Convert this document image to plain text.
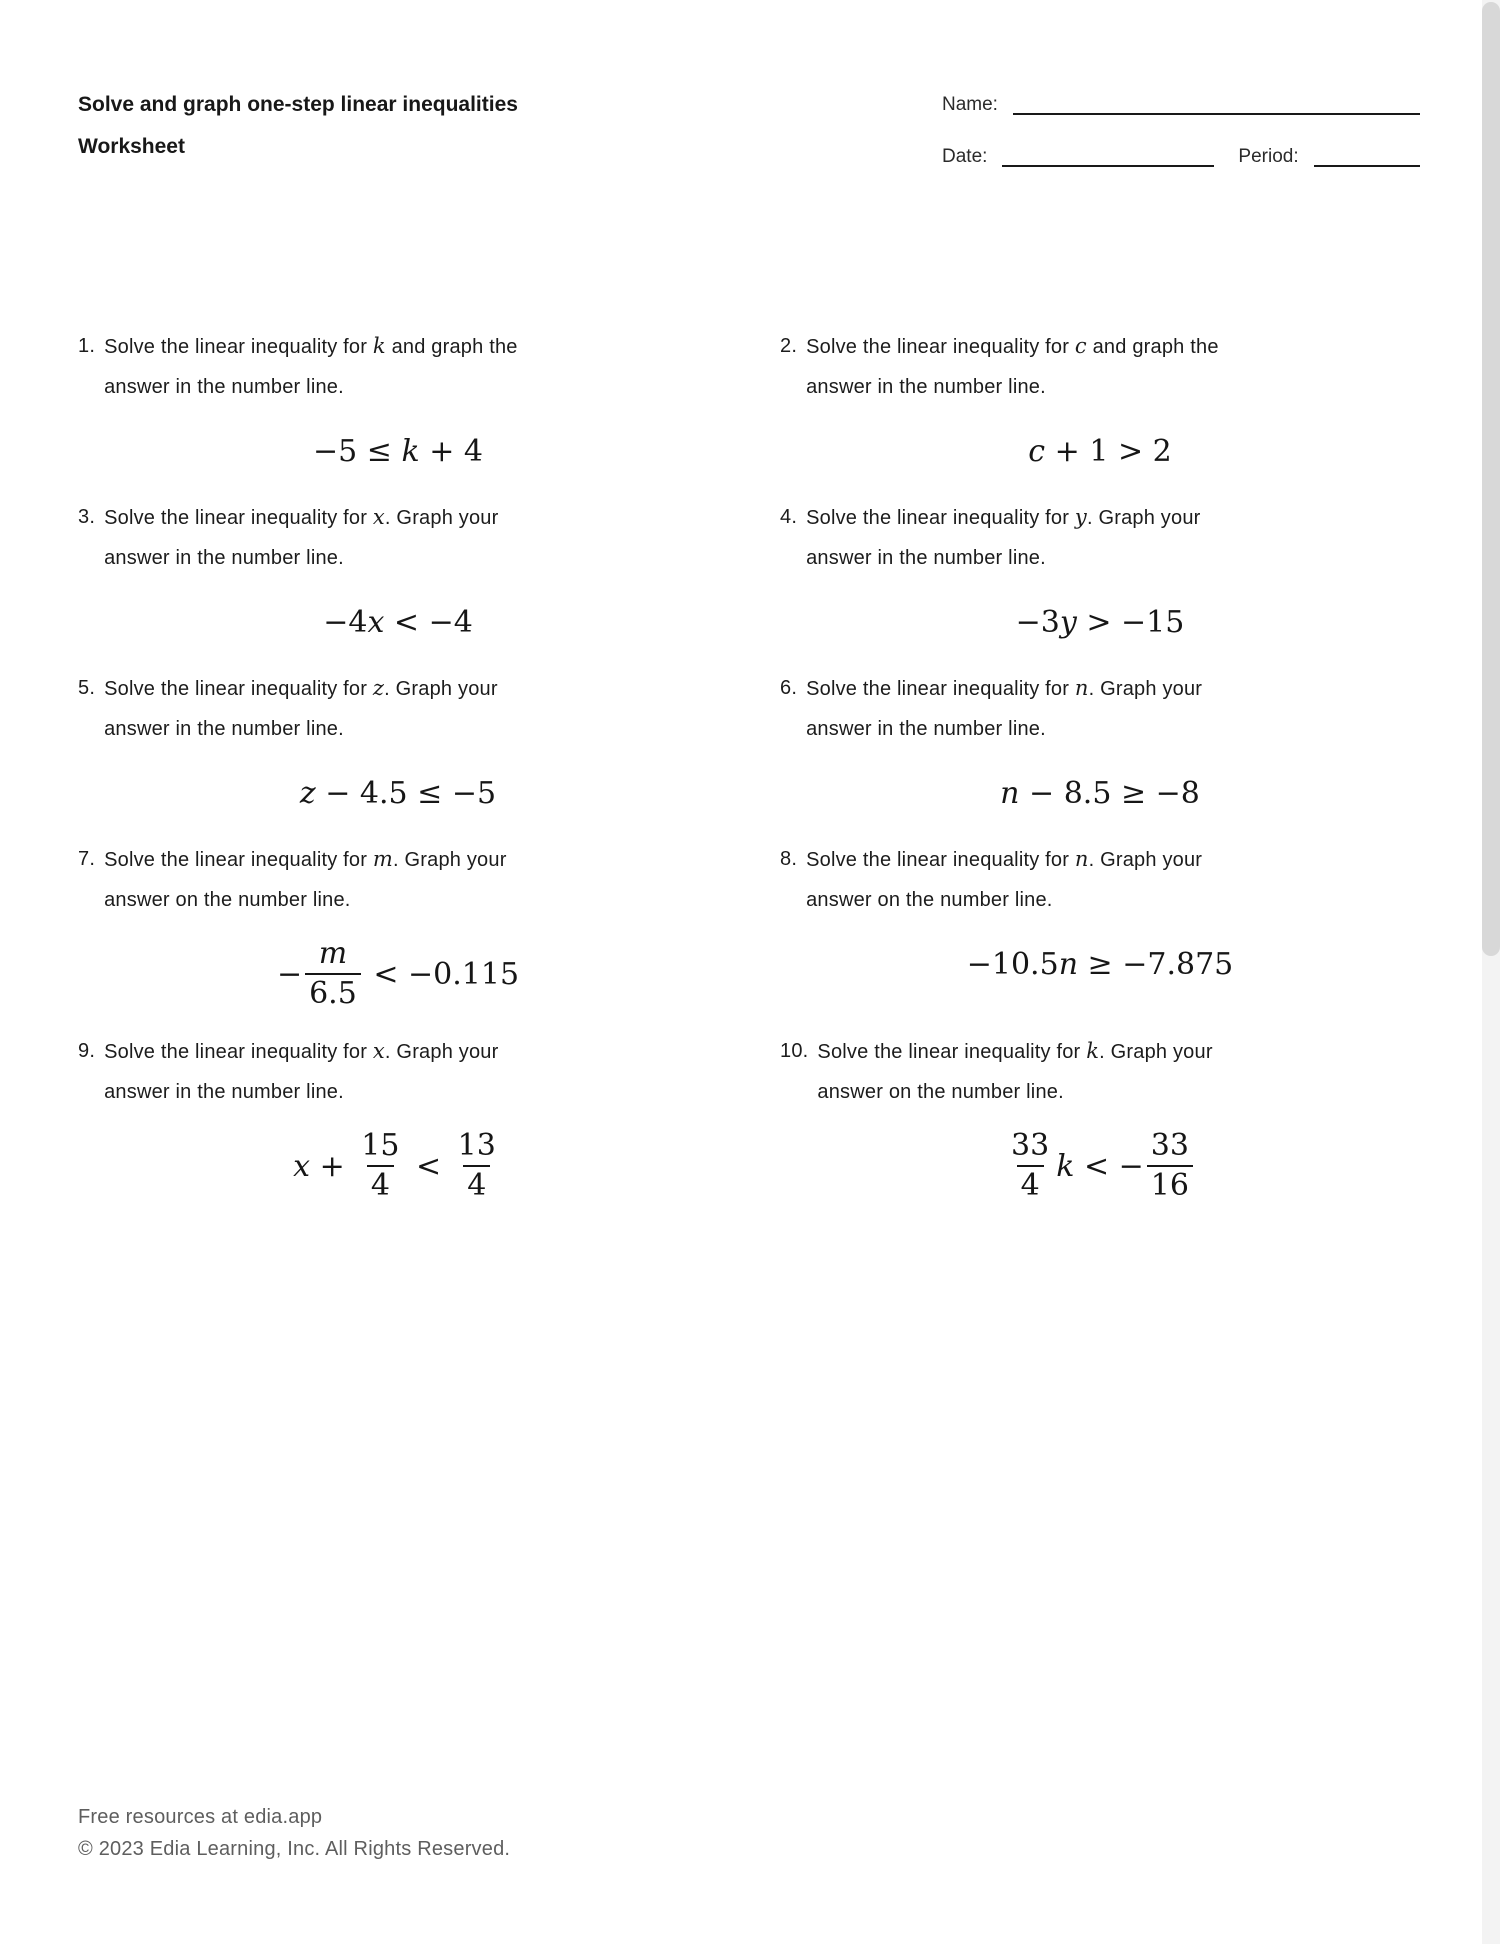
Solve and graph one-step linear inequalities
Worksheet
Name:
Date:	Period:
1. Solve the linear inequality for k and graph the
answer in the number line.
−5 ≤ k + 4
2. Solve the linear inequality for c and graph the
answer in the number line.
c + 1 > 2
3. Solve the linear inequality for x. Graph your
answer in the number line.
−4 x < −4
4. Solve the linear inequality for y. Graph your
answer in the number line.
−3 y > −15
5. Solve the linear inequality for z. Graph your
answer in the number line.
z − 4.5 ≤ −5
6. Solve the linear inequality for n. Graph your
answer in the number line.
n − 8.5 ≥ −8
7. Solve the linear inequality for m. Graph your
answer on the number line.
− $\frac{m}{6.5} < -0.115$
8. Solve the linear inequality for n. Graph your
answer on the number line.
−10.5 n ≥ −7.875
9. Solve the linear inequality for x. Graph your
answer in the number line.
$x + \frac{15}{4} < \frac{13}{4}$
10. Solve the linear inequality for k. Graph your
answer on the number line.
$\frac{33}{4}$ k < − $\frac{33}{16}$
Free resources at edia.app
© 2023 Edia Learning, Inc. All Rights Reserved.
